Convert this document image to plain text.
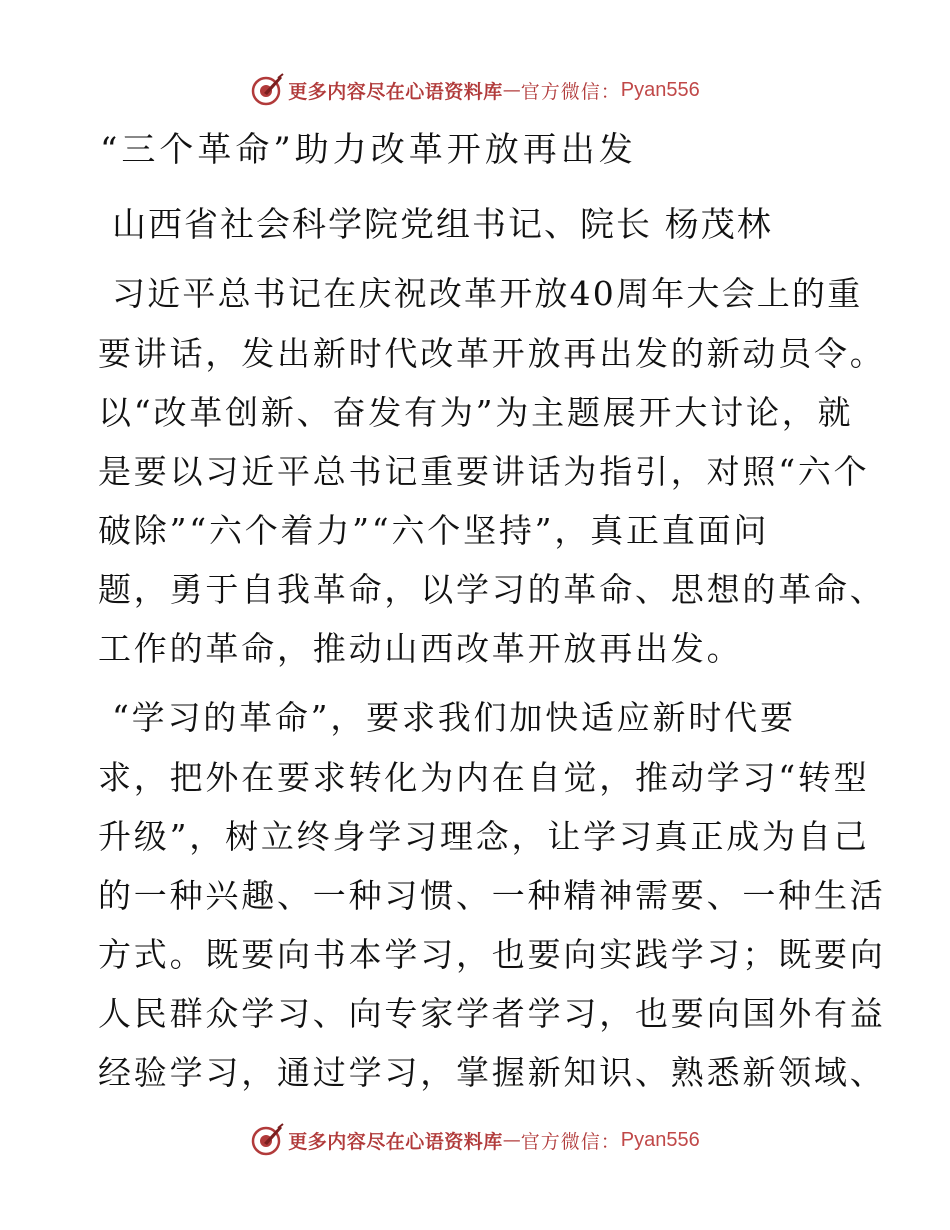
更多内容尽在心语资料库 — 官方微信： Pyan556
“三个革命”助力改革开放再出发
山西省社会科学院党组书记、院长 杨茂林
习近平总书记在庆祝改革开放40周年大会上的重
要讲话，发出新时代改革开放再出发的新动员令。
以“改革创新、奋发有为”为主题展开大讨论，就
是要以习近平总书记重要讲话为指引，对照“六个
破除”“六个着力”“六个坚持”，真正直面问
题，勇于自我革命，以学习的革命、思想的革命、
工作的革命，推动山西改革开放再出发。
“学习的革命”，要求我们加快适应新时代要
求，把外在要求转化为内在自觉，推动学习“转型
升级”，树立终身学习理念，让学习真正成为自己
的一种兴趣、一种习惯、一种精神需要、一种生活
方式。既要向书本学习，也要向实践学习；既要向
人民群众学习、向专家学者学习，也要向国外有益
经验学习，通过学习，掌握新知识、熟悉新领域、
更多内容尽在心语资料库 — 官方微信： Pyan556
